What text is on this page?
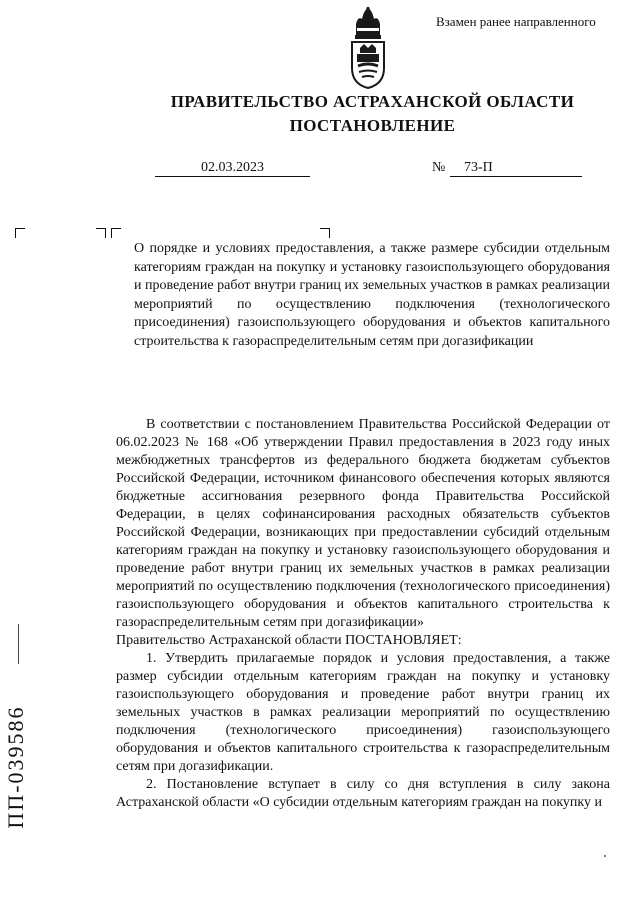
Взамен ранее направленного
ПРАВИТЕЛЬСТВО АСТРАХАНСКОЙ ОБЛАСТИ
ПОСТАНОВЛЕНИЕ
02.03.2023	№	73-П
О порядке и условиях предоставления, а также размере субсидии отдельным категориям граждан на покупку и установку газоиспользующего оборудования и проведение работ внутри границ их земельных участков в рамках реализации мероприятий по осуществлению подключения (технологического присоединения) газоиспользующего оборудования и объектов капитального строительства к газораспределительным сетям при догазификации

В соответствии с постановлением Правительства Российской Федерации от 06.02.2023 № 168 «Об утверждении Правил предоставления в 2023 году иных межбюджетных трансфертов из федерального бюджета бюджетам субъектов Российской Федерации, источником финансового обеспечения которых являются бюджетные ассигнования резервного фонда Правительства Российской Федерации, в целях софинансирования расходных обязательств субъектов Российской Федерации, возникающих при предоставлении субсидий отдельным категориям граждан на покупку и установку газоиспользующего оборудования и проведение работ внутри границ их земельных участков в рамках реализации мероприятий по осуществлению подключения (технологического присоединения) газоиспользующего оборудования и объектов капитального строительства к газораспределительным сетям при догазификации»

Правительство Астраханской области ПОСТАНОВЛЯЕТ:

1. Утвердить прилагаемые порядок и условия предоставления, а также размер субсидии отдельным категориям граждан на покупку и установку газоиспользующего оборудования и проведение работ внутри границ их земельных участков в рамках реализации мероприятий по осуществлению подключения (технологического присоединения) газоиспользующего оборудования и объектов капитального строительства к газораспределительным сетям при догазификации.

2. Постановление вступает в силу со дня вступления в силу закона Астраханской области «О субсидии отдельным категориям граждан на покупку и

ПП-039586
